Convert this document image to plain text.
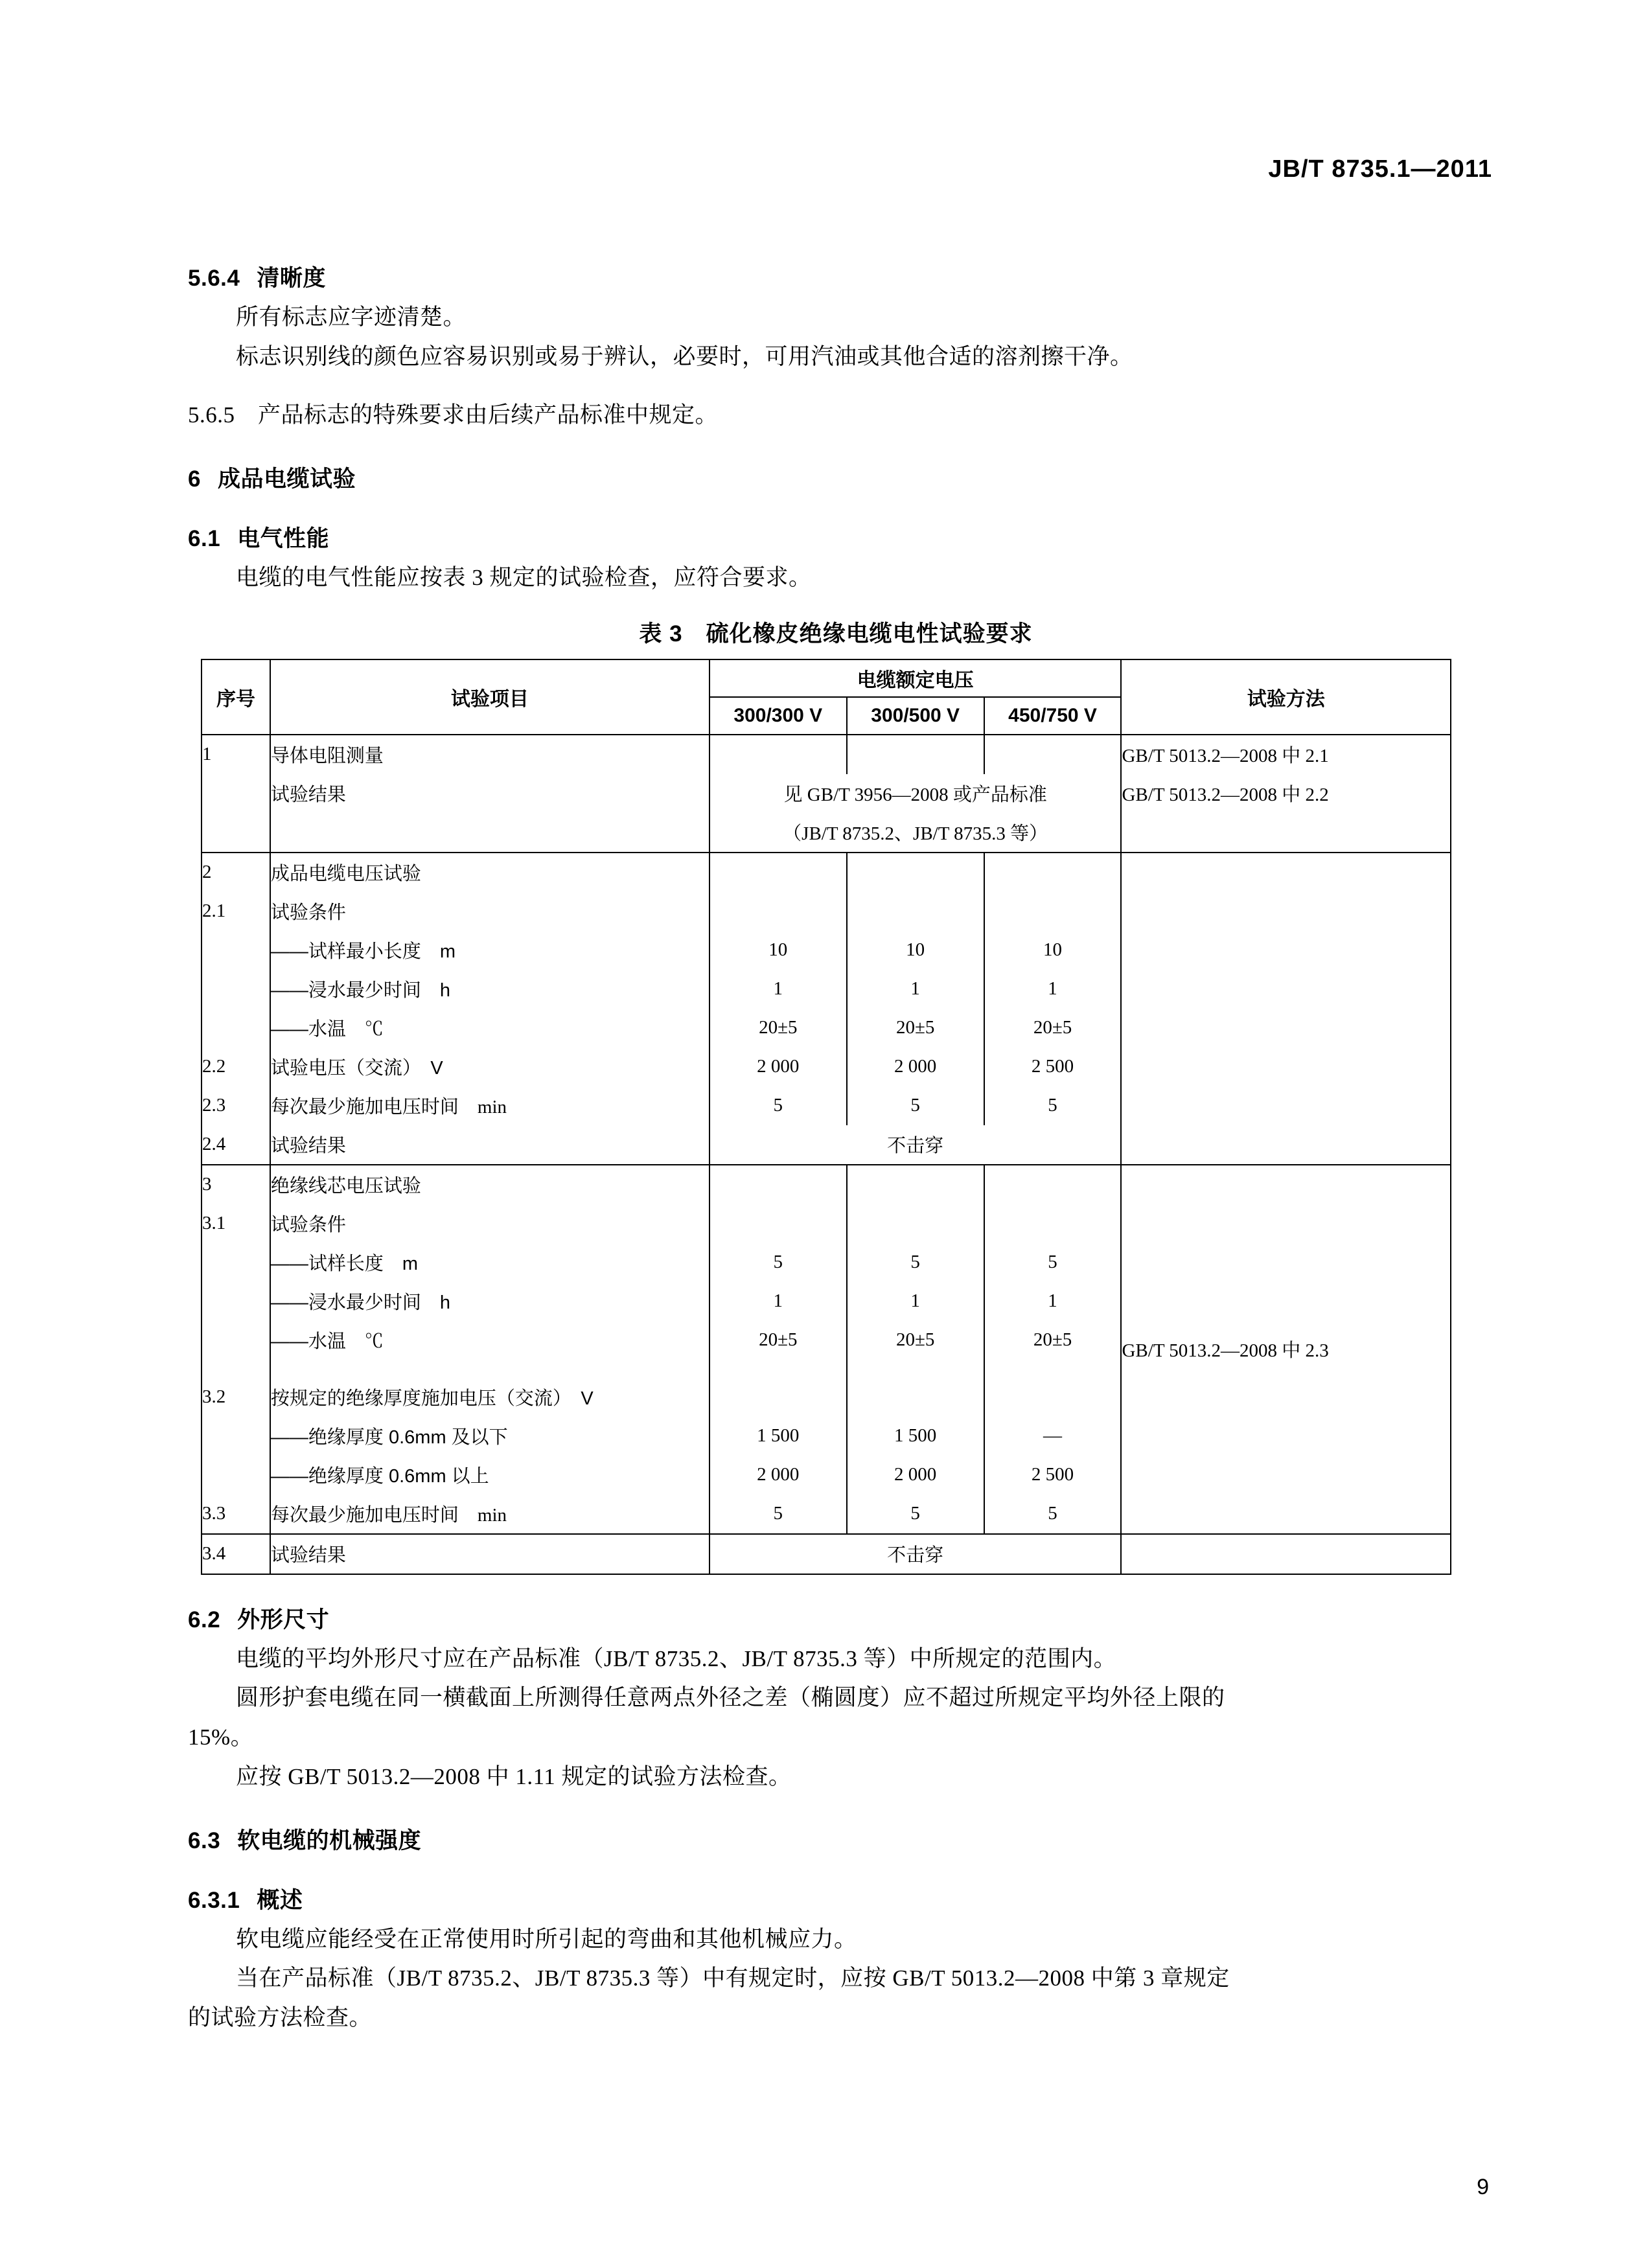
JB/T 8735.1—2011
5.6.4 清晰度

所有标志应字迹清楚。

标志识别线的颜色应容易识别或易于辨认，必要时，可用汽油或其他合适的溶剂擦干净。

5.6.5　产品标志的特殊要求由后续产品标准中规定。

6 成品电缆试验
6.1 电气性能

电缆的电气性能应按表 3 规定的试验检查，应符合要求。

表 3　硫化橡皮绝缘电缆电性试验要求
序号	试验项目	电缆额定电压			试验方法
		300/300 V	300/500 V	450/750 V	
1	导体电阻测量				GB/T 5013.2—2008 中 2.1
	试验结果	见 GB/T 3956—2008 或产品标准			GB/T 5013.2—2008 中 2.2
		（JB/T 8735.2、JB/T 8735.3 等）			
2	成品电缆电压试验				
2.1	试验条件				
	——试样最小长度　m	10	10	10	
	——浸水最少时间　h	1	1	1	
	——水温　℃	20±5	20±5	20±5	
2.2	试验电压（交流）　V	2 000	2 000	2 500	
2.3	每次最少施加电压时间　min	5	5	5	
2.4	试验结果	不击穿			
3	绝缘线芯电压试验				GB/T 5013.2—2008 中 2.3
3.1	试验条件				
	——试样长度　m	5	5	5	
	——浸水最少时间　h	1	1	1	
	——水温　℃	20±5	20±5	20±5	

3.2	按规定的绝缘厚度施加电压（交流）　V				
	——绝缘厚度 0.6mm 及以下	1 500	1 500	—	
	——绝缘厚度 0.6mm 以上	2 000	2 000	2 500	
3.3	每次最少施加电压时间　min	5	5	5	
3.4	试验结果	不击穿			
6.2 外形尺寸

电缆的平均外形尺寸应在产品标准（JB/T 8735.2、JB/T 8735.3 等）中所规定的范围内。

圆形护套电缆在同一横截面上所测得任意两点外径之差（椭圆度）应不超过所规定平均外径上限的

15%。

应按 GB/T 5013.2—2008 中 1.11 规定的试验方法检查。

6.3 软电缆的机械强度
6.3.1 概述

软电缆应能经受在正常使用时所引起的弯曲和其他机械应力。

当在产品标准（JB/T 8735.2、JB/T 8735.3 等）中有规定时，应按 GB/T 5013.2—2008 中第 3 章规定

的试验方法检查。

9
